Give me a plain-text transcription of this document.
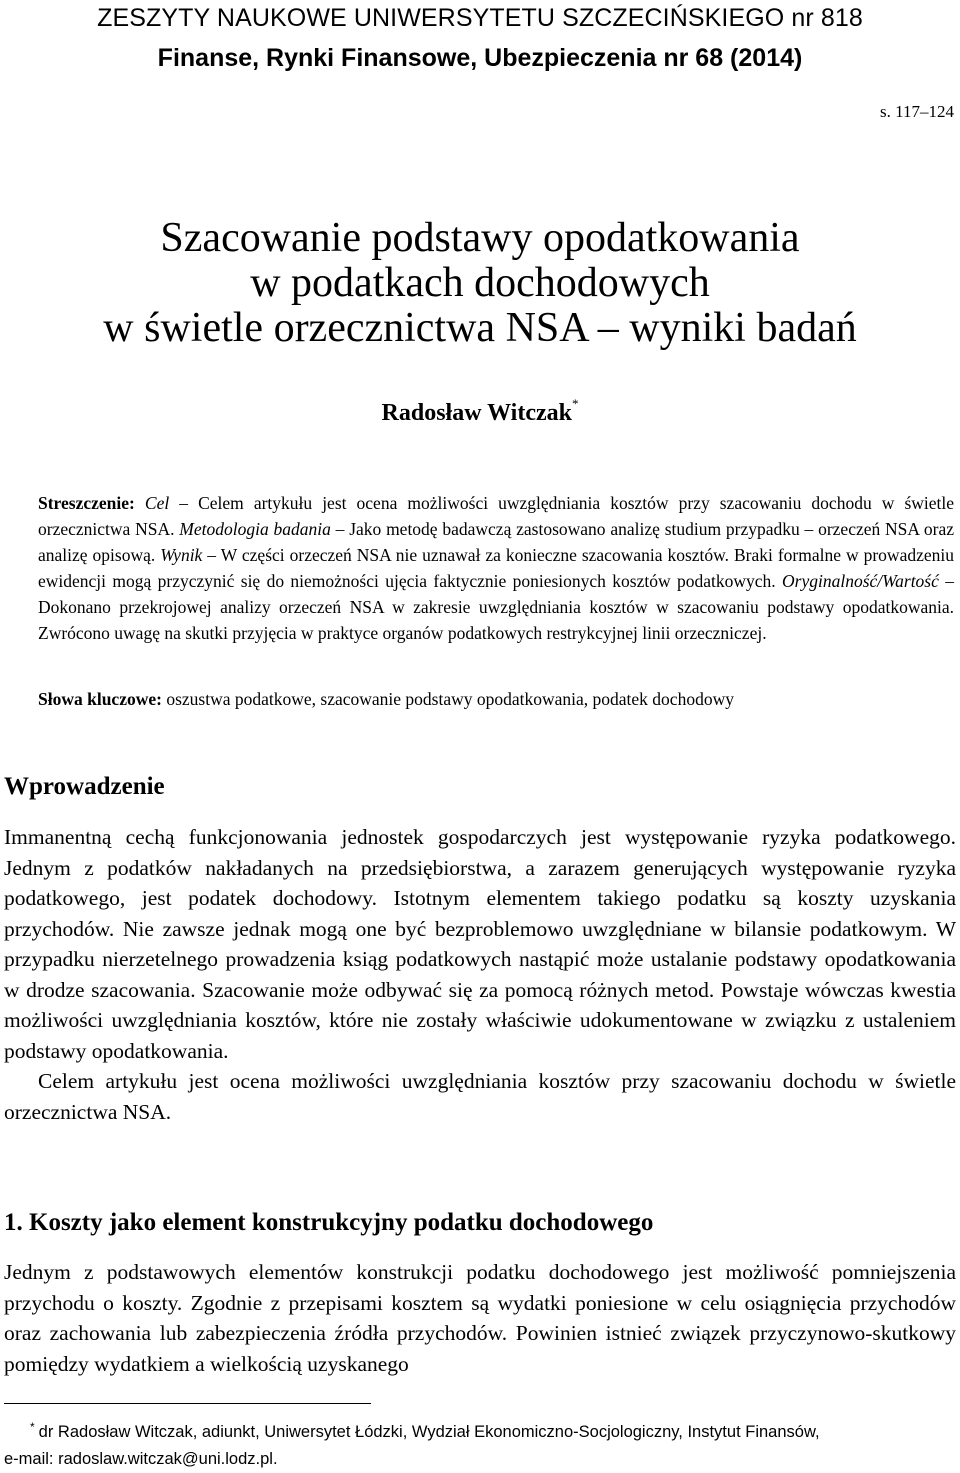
ZESZYTY NAUKOWE UNIWERSYTETU SZCZECIŃSKIEGO nr 818
Finanse, Rynki Finansowe, Ubezpieczenia nr 68 (2014)
s. 117–124
Szacowanie podstawy opodatkowania
w podatkach dochodowych
w świetle orzecznictwa NSA – wyniki badań
Radosław Witczak*
Streszczenie: Cel – Celem artykułu jest ocena możliwości uwzględniania kosztów przy szacowaniu dochodu w świetle orzecznictwa NSA. Metodologia badania – Jako metodę badawczą zastosowano analizę studium przypadku – orzeczeń NSA oraz analizę opisową. Wynik – W części orzeczeń NSA nie uznawał za konieczne szacowania kosztów. Braki formalne w prowadzeniu ewidencji mogą przyczynić się do niemożności ujęcia faktycznie poniesionych kosztów podatkowych. Oryginalność/Wartość – Dokonano przekrojowej analizy orzeczeń NSA w zakresie uwzględniania kosztów w szacowaniu podstawy opodatkowania. Zwrócono uwagę na skutki przyjęcia w praktyce organów podatkowych restrykcyjnej linii orzeczniczej.
Słowa kluczowe: oszustwa podatkowe, szacowanie podstawy opodatkowania, podatek dochodowy
Wprowadzenie

Immanentną cechą funkcjonowania jednostek gospodarczych jest występowanie ryzyka podatkowego. Jednym z podatków nakładanych na przedsiębiorstwa, a zarazem generujących występowanie ryzyka podatkowego, jest podatek dochodowy. Istotnym elementem takiego podatku są koszty uzyskania przychodów. Nie zawsze jednak mogą one być bezproblemowo uwzględniane w bilansie podatkowym. W przypadku nierzetelnego prowadzenia ksiąg podatkowych nastąpić może ustalanie podstawy opodatkowania w drodze szacowania. Szacowanie może odbywać się za pomocą różnych metod. Powstaje wówczas kwestia możliwości uwzględniania kosztów, które nie zostały właściwie udokumentowane w związku z ustaleniem podstawy opodatkowania.

Celem artykułu jest ocena możliwości uwzględniania kosztów przy szacowaniu dochodu w świetle orzecznictwa NSA.

1. Koszty jako element konstrukcyjny podatku dochodowego

Jednym z podstawowych elementów konstrukcji podatku dochodowego jest możliwość pomniejszenia przychodu o koszty. Zgodnie z przepisami kosztem są wydatki poniesione w celu osiągnięcia przychodów oraz zachowania lub zabezpieczenia źródła przychodów. Powinien istnieć związek przyczynowo-skutkowy pomiędzy wydatkiem a wielkością uzyskanego

* dr Radosław Witczak, adiunkt, Uniwersytet Łódzki, Wydział Ekonomiczno-Socjologiczny, Instytut Finansów,
e-mail: radoslaw.witczak@uni.lodz.pl.
